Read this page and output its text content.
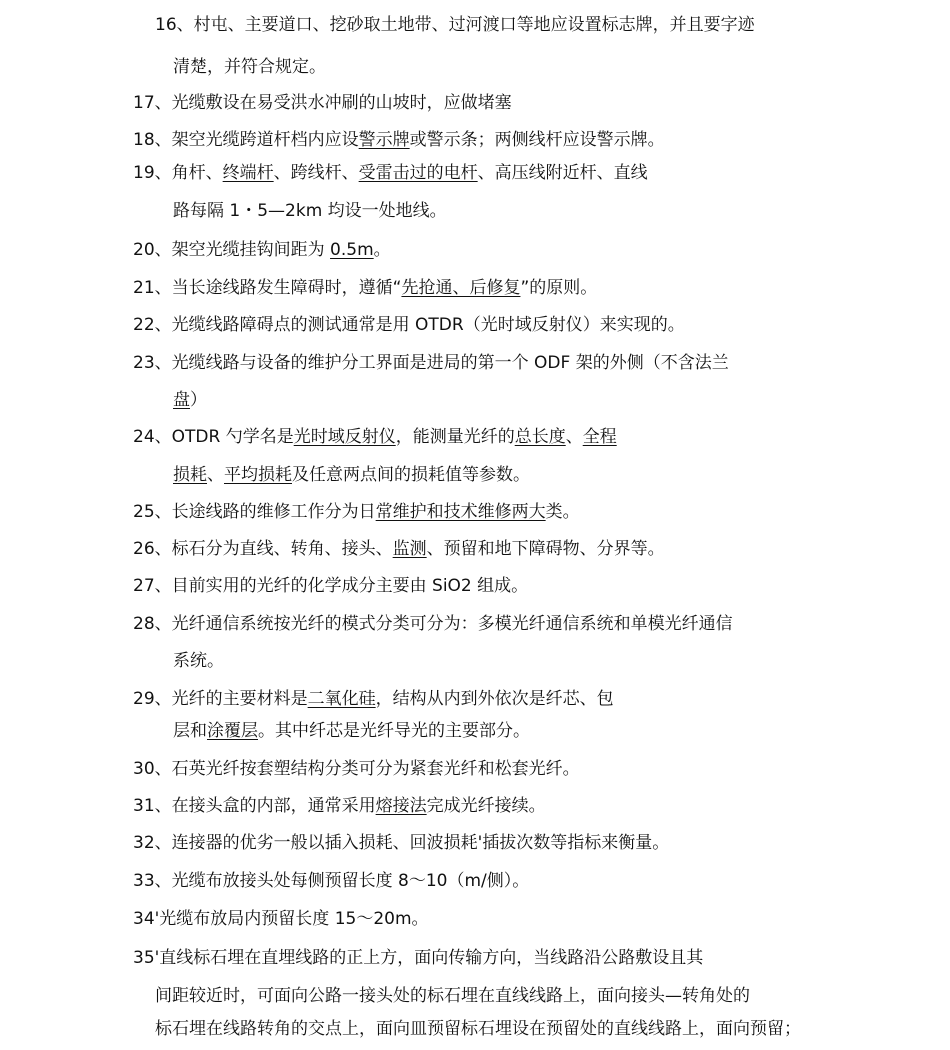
16、村屯、主要道口、挖砂取土地带、过河渡口等地应设置标志牌，并且要字迹
清楚，并符合规定。
17、光缆敷设在易受洪水冲刷的山坡时，应做堵塞
18、架空光缆跨道杆档内应设警示牌或警示条；两侧线杆应设警示牌。
19、角杆、终端杆、跨线杆、受雷击过的电杆、高压线附近杆、直线
路每隔 1・5—2km 均设一处地线。
20、架空光缆挂钩间距为 0.5m。
21、当长途线路发生障碍时，遵循“先抢通、后修复”的原则。
22、光缆线路障碍点的测试通常是用 OTDR（光时域反射仪）来实现的。
23、光缆线路与设备的维护分工界面是进局的第一个 ODF 架的外侧（不含法兰
盘）
24、OTDR 勺学名是光时域反射仪，能测量光纤的总长度、全程
损耗、平均损耗及任意两点间的损耗值等参数。
25、长途线路的维修工作分为日常维护和技术维修两大类。
26、标石分为直线、转角、接头、监测、预留和地下障碍物、分界等。
27、目前实用的光纤的化学成分主要由 SiO2 组成。
28、光纤通信系统按光纤的模式分类可分为：多模光纤通信系统和单模光纤通信
系统。
29、光纤的主要材料是二氧化硅，结构从内到外依次是纤芯、包
层和涂覆层。其中纤芯是光纤导光的主要部分。
30、石英光纤按套塑结构分类可分为紧套光纤和松套光纤。
31、在接头盒的内部，通常采用熔接法完成光纤接续。
32、连接器的优劣一般以插入损耗、回波损耗'插拔次数等指标来衡量。
33、光缆布放接头处每侧预留长度 8～10（m/侧）。
34'光缆布放局内预留长度 15～20m。
35'直线标石埋在直埋线路的正上方，面向传输方向，当线路沿公路敷设且其
间距较近时，可面向公路一接头处的标石埋在直线线路上，面向接头—转角处的
标石埋在线路转角的交点上，面向皿预留标石埋设在预留处的直线线路上，面向预留；
